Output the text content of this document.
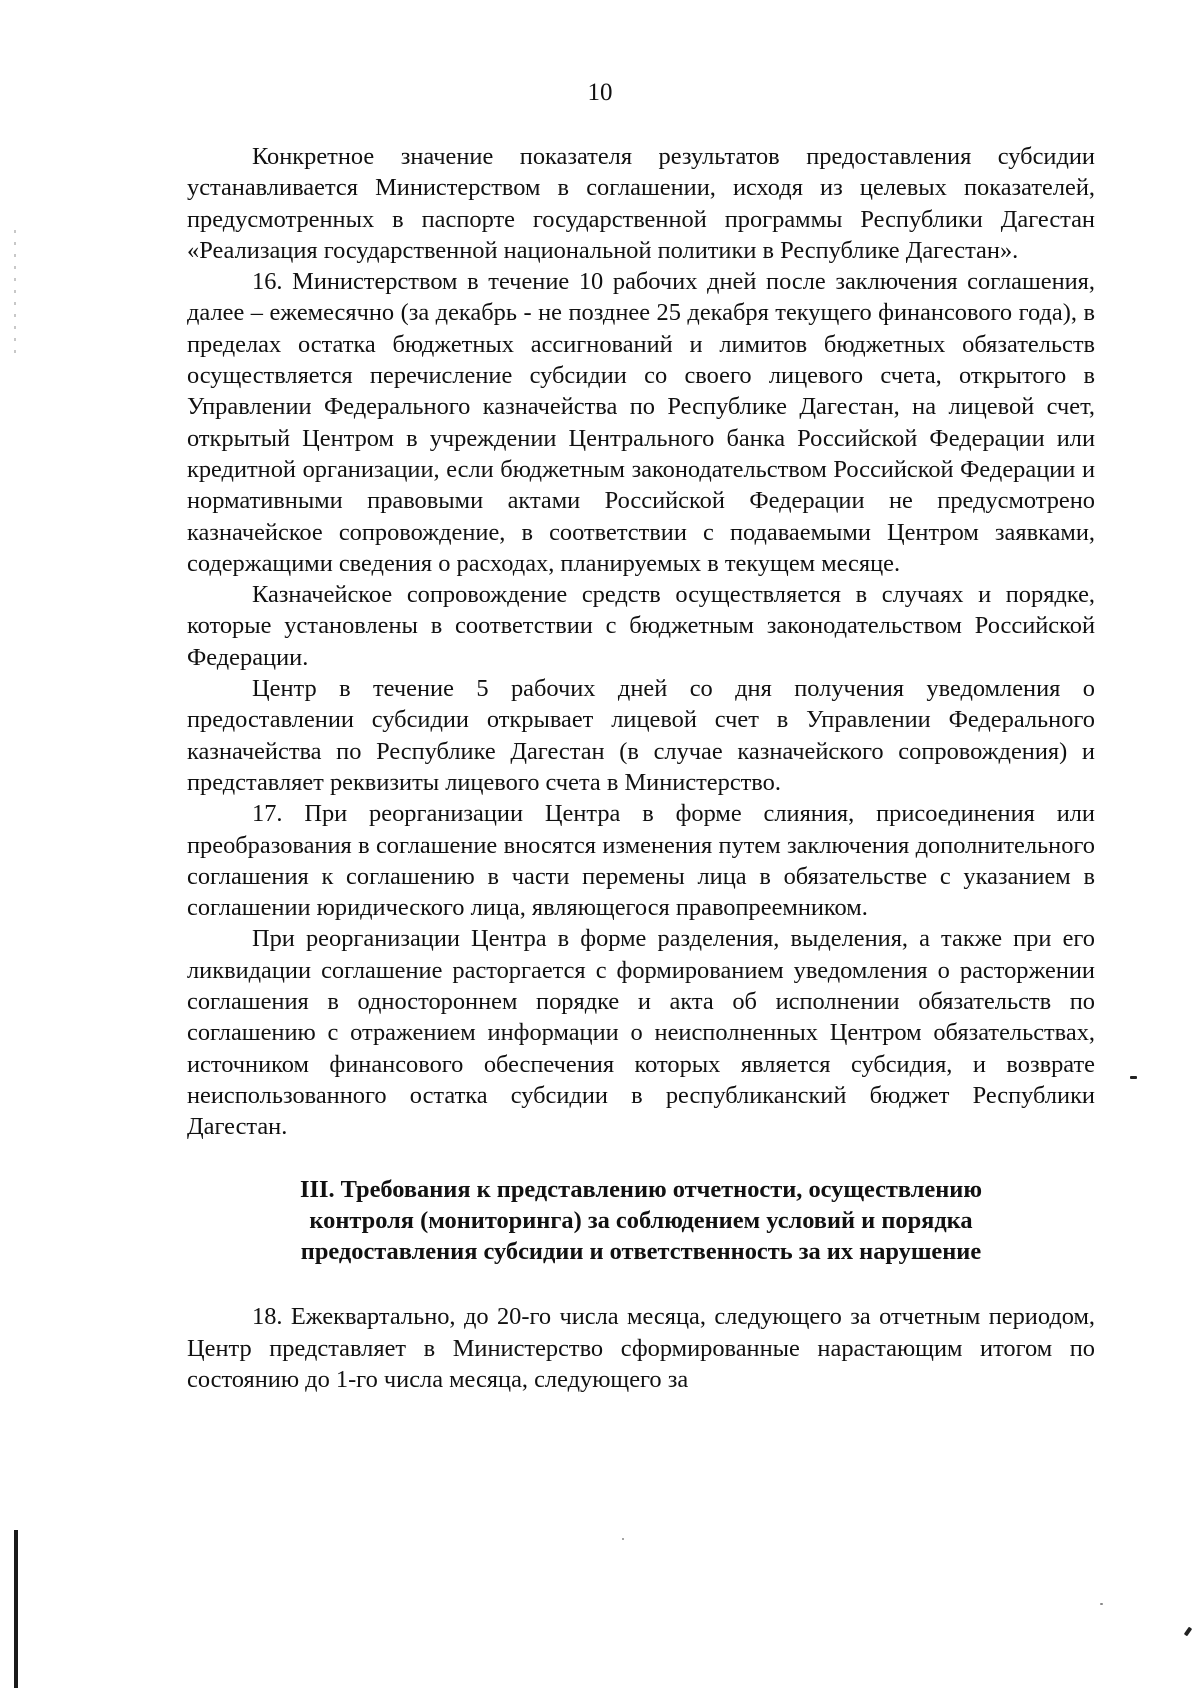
10

Конкретное значение показателя результатов предоставления субсидии устанавливается Министерством в соглашении, исходя из целевых показателей, предусмотренных в паспорте государственной программы Республики Дагестан «Реализация государственной национальной политики в Республике Дагестан».

16. Министерством в течение 10 рабочих дней после заключения соглашения, далее – ежемесячно (за декабрь - не позднее 25 декабря текущего финансового года), в пределах остатка бюджетных ассигнований и лимитов бюджетных обязательств осуществляется перечисление субсидии со своего лицевого счета, открытого в Управлении Федерального казначейства по Республике Дагестан, на лицевой счет, открытый Центром в учреждении Центрального банка Российской Федерации или кредитной организации, если бюджетным законодательством Российской Федерации и нормативными правовыми актами Российской Федерации не предусмотрено казначейское сопровождение, в соответствии с подаваемыми Центром заявками, содержащими сведения о расходах, планируемых в текущем месяце.

Казначейское сопровождение средств осуществляется в случаях и порядке, которые установлены в соответствии с бюджетным законодательством Российской Федерации.

Центр в течение 5 рабочих дней со дня получения уведомления о предоставлении субсидии открывает лицевой счет в Управлении Федерального казначейства по Республике Дагестан (в случае казначейского сопровождения) и представляет реквизиты лицевого счета в Министерство.

17. При реорганизации Центра в форме слияния, присоединения или преобразования в соглашение вносятся изменения путем заключения дополнительного соглашения к соглашению в части перемены лица в обязательстве с указанием в соглашении юридического лица, являющегося правопреемником.

При реорганизации Центра в форме разделения, выделения, а также при его ликвидации соглашение расторгается с формированием уведомления о расторжении соглашения в одностороннем порядке и акта об исполнении обязательств по соглашению с отражением информации о неисполненных Центром обязательствах, источником финансового обеспечения которых является субсидия, и возврате неиспользованного остатка субсидии в республиканский бюджет Республики Дагестан.

III. Требования к представлению отчетности, осуществлению
контроля (мониторинга) за соблюдением условий и порядка
предоставления субсидии и ответственность за их нарушение

18. Ежеквартально, до 20-го числа месяца, следующего за отчетным периодом, Центр представляет в Министерство сформированные нарастающим итогом по состоянию до 1-го числа месяца, следующего за
